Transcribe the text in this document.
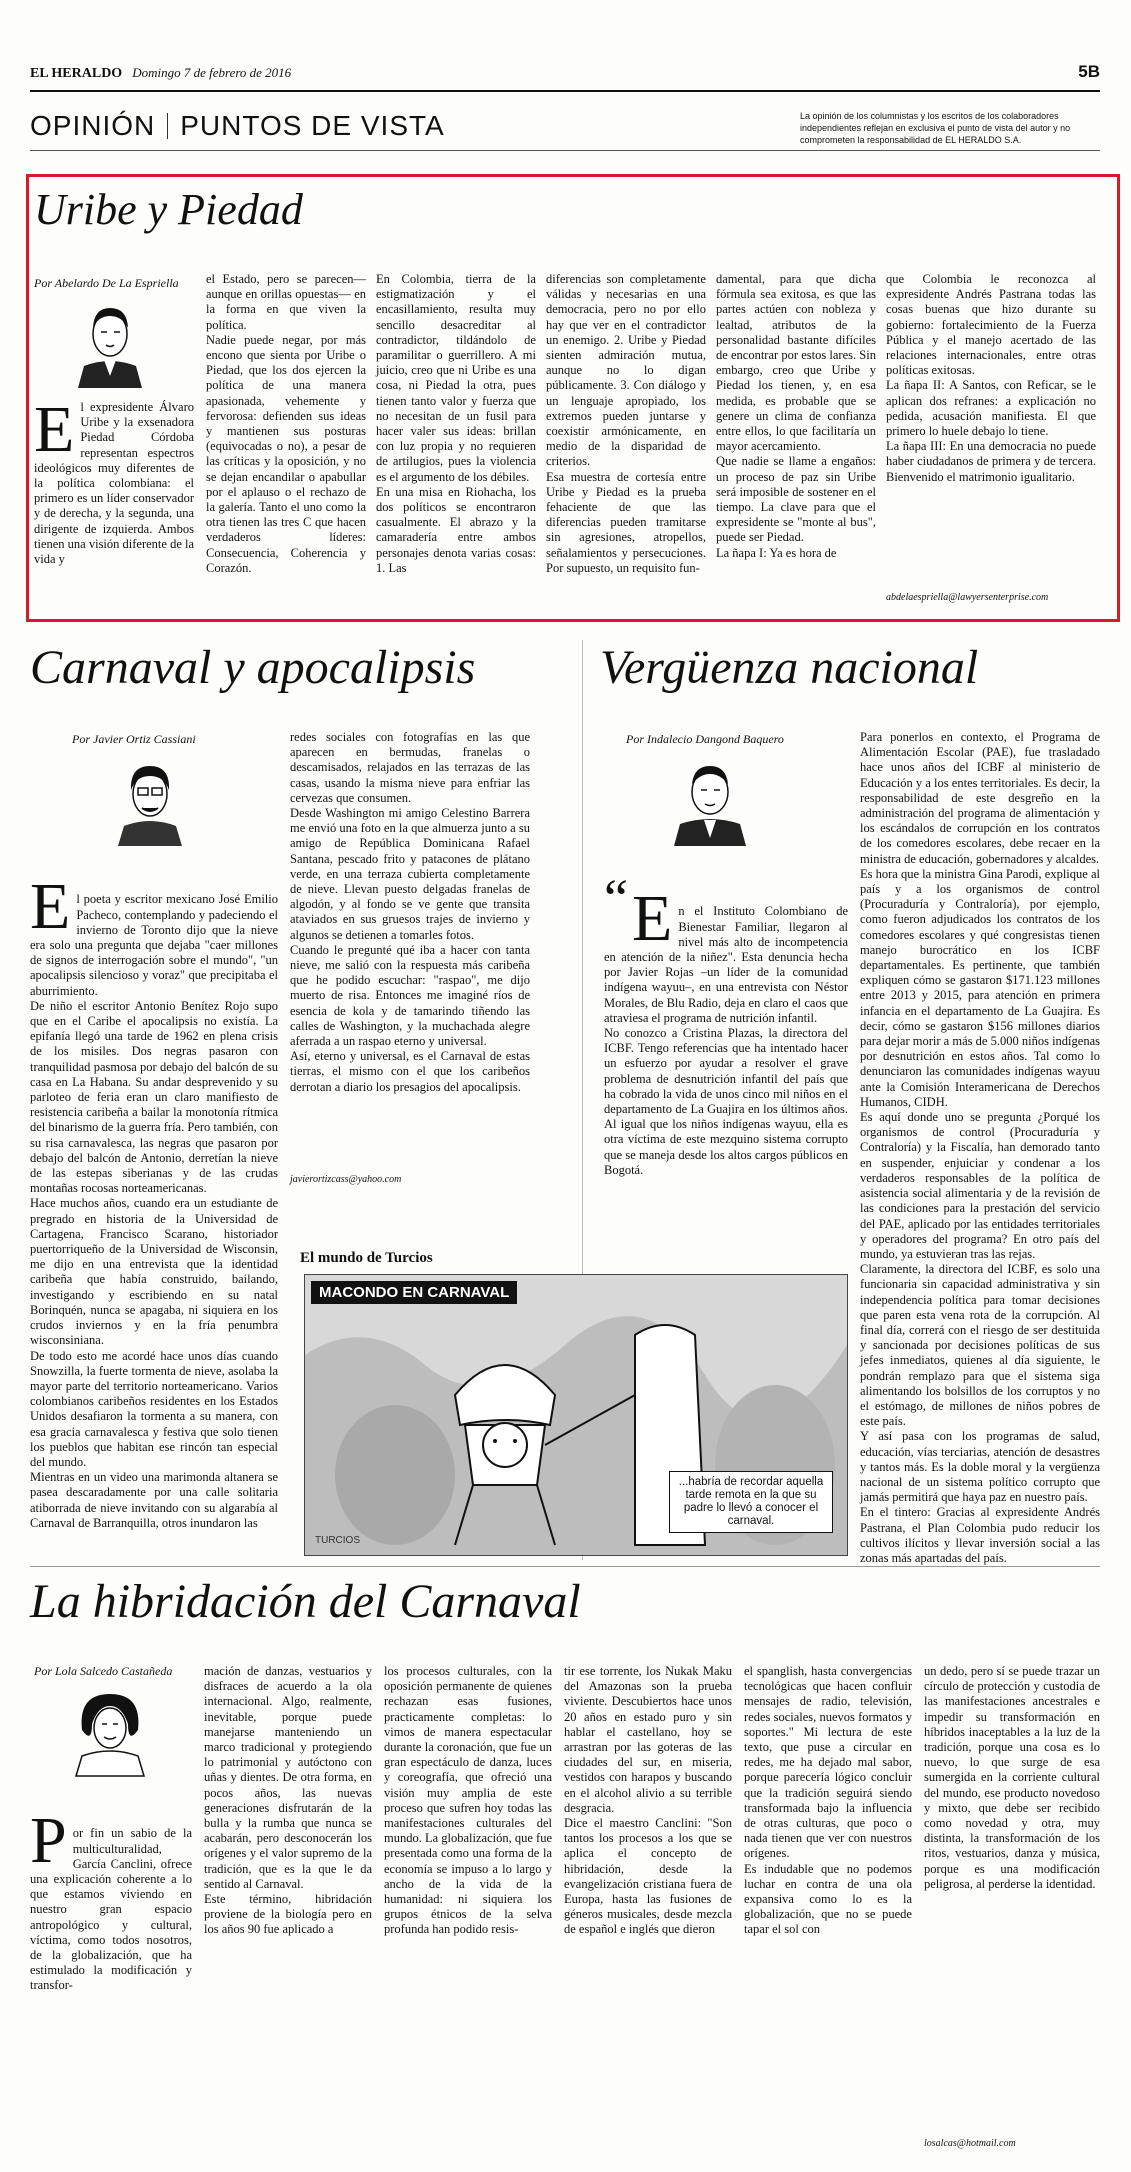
EL HERALDO Domingo 7 de febrero de 2016	5B
OPINIÓN PUNTOS DE VISTA	La opinión de los columnistas y los escritos de los colaboradores independientes reflejan en exclusiva el punto de vista del autor y no comprometen la responsabilidad de EL HERALDO S.A.
Uribe y Piedad
Por Abelardo De La Espriella
E l expresidente Álvaro Uribe y la exsenadora Piedad Córdoba representan espectros ideológicos muy diferentes de la política colombiana: el primero es un líder conservador y de derecha, y la segunda, una dirigente de izquierda. Ambos tienen una visión diferente de la vida y
el Estado, pero se parecen— aunque en orillas opuestas— en la forma en que viven la política.
Nadie puede negar, por más encono que sienta por Uribe o Piedad, que los dos ejercen la política de una manera apasionada, vehemente y fervorosa: defienden sus ideas y mantienen sus posturas (equivocadas o no), a pesar de las críticas y la oposición, y no se dejan encandilar o apabullar por el aplauso o el rechazo de la galería. Tanto el uno como la otra tienen las tres C que hacen verdaderos líderes: Consecuencia, Coherencia y Corazón.
En Colombia, tierra de la estigmatización y el encasillamiento, resulta muy sencillo desacreditar al contradictor, tildándolo de paramilitar o guerrillero. A mi juicio, creo que ni Uribe es una cosa, ni Piedad la otra, pues tienen tanto valor y fuerza que no necesitan de un fusil para hacer valer sus ideas: brillan con luz propia y no requieren de artilugios, pues la violencia es el argumento de los débiles.
En una misa en Riohacha, los dos políticos se encontraron casualmente. El abrazo y la camaradería entre ambos personajes denota varias cosas: 1. Las
diferencias son completamente válidas y necesarias en una democracia, pero no por ello hay que ver en el contradictor un enemigo. 2. Uribe y Piedad sienten admiración mutua, aunque no lo digan públicamente. 3. Con diálogo y un lenguaje apropiado, los extremos pueden juntarse y coexistir armónicamente, en medio de la disparidad de criterios.
Esa muestra de cortesía entre Uribe y Piedad es la prueba fehaciente de que las diferencias pueden tramitarse sin agresiones, atropellos, señalamientos y persecuciones. Por supuesto, un requisito fun-
damental, para que dicha fórmula sea exitosa, es que las partes actúen con nobleza y lealtad, atributos de la personalidad bastante difíciles de encontrar por estos lares. Sin embargo, creo que Uribe y Piedad los tienen, y, en esa medida, es probable que se genere un clima de confianza entre ellos, lo que facilitaría un mayor acercamiento.
Que nadie se llame a engaños: un proceso de paz sin Uribe será imposible de sostener en el tiempo. La clave para que el expresidente se "monte al bus", puede ser Piedad.
La ñapa I: Ya es hora de
que Colombia le reconozca al expresidente Andrés Pastrana todas las cosas buenas que hizo durante su gobierno: fortalecimiento de la Fuerza Pública y el manejo acertado de las relaciones internacionales, entre otras políticas exitosas.
La ñapa II: A Santos, con Reficar, se le aplican dos refranes: a explicación no pedida, acusación manifiesta. El que primero lo huele debajo lo tiene.
La ñapa III: En una democracia no puede haber ciudadanos de primera y de tercera. Bienvenido el matrimonio igualitario.
abdelaespriella@lawyersenterprise.com
Carnaval y apocalipsis
Por Javier Ortiz Cassiani

E l poeta y escritor mexicano José Emilio Pacheco, contemplando y padeciendo el invierno de Toronto dijo que la nieve era solo una pregunta que dejaba "caer millones de signos de interrogación sobre el mundo", "un apocalipsis silencioso y voraz" que precipitaba el aburrimiento.
De niño el escritor Antonio Benítez Rojo supo que en el Caribe el apocalipsis no existía. La epifanía llegó una tarde de 1962 en plena crisis de los misiles. Dos negras pasaron con tranquilidad pasmosa por debajo del balcón de su casa en La Habana. Su andar desprevenido y su parloteo de feria eran un claro manifiesto de resistencia caribeña a bailar la monotonía rítmica del binarismo de la guerra fría. Pero también, con su risa carnavalesca, las negras que pasaron por debajo del balcón de Antonio, derretían la nieve de las estepas siberianas y de las crudas montañas rocosas norteamericanas.
Hace muchos años, cuando era un estudiante de pregrado en historia de la Universidad de Cartagena, Francisco Scarano, historiador puertorriqueño de la Universidad de Wisconsin, me dijo en una entrevista que la identidad caribeña que había construido, bailando, investigando y escribiendo en su natal Borinquén, nunca se apagaba, ni siquiera en los crudos inviernos y en la fría penumbra wisconsiniana.
De todo esto me acordé hace unos días cuando Snowzilla, la fuerte tormenta de nieve, asolaba la mayor parte del territorio norteamericano. Varios colombianos caribeños residentes en los Estados Unidos desafiaron la tormenta a su manera, con esa gracia carnavalesca y festiva que solo tienen los pueblos que habitan ese rincón tan especial del mundo.
Mientras en un video una marimonda altanera se pasea descaradamente por una calle solitaria atiborrada de nieve invitando con su algarabía al Carnaval de Barranquilla, otros inundaron las

redes sociales con fotografías en las que aparecen en bermudas, franelas o descamisados, relajados en las terrazas de las casas, usando la misma nieve para enfriar las cervezas que consumen.
Desde Washington mi amigo Celestino Barrera me envió una foto en la que almuerza junto a su amigo de República Dominicana Rafael Santana, pescado frito y patacones de plátano verde, en una terraza cubierta completamente de nieve. Llevan puesto delgadas franelas de algodón, y al fondo se ve gente que transita ataviados en sus gruesos trajes de invierno y algunos se detienen a tomarles fotos.
Cuando le pregunté qué iba a hacer con tanta nieve, me salió con la respuesta más caribeña que he podido escuchar: "raspao", me dijo muerto de risa. Entonces me imaginé ríos de esencia de kola y de tamarindo tiñendo las calles de Washington, y la muchachada alegre aferrada a un raspao eterno y universal.
Así, eterno y universal, es el Carnaval de estas tierras, el mismo con el que los caribeños derrotan a diario los presagios del apocalipsis.
javierortizcass@yahoo.com
Vergüenza nacional
Por Indalecio Dangond Baquero
“ E n el Instituto Colombiano de Bienestar Familiar, llegaron al nivel más alto de incompetencia en atención de la niñez". Esta denuncia hecha por Javier Rojas –un líder de la comunidad indígena wayuu–, en una entrevista con Néstor Morales, de Blu Radio, deja en claro el caos que atraviesa el programa de nutrición infantil.
No conozco a Cristina Plazas, la directora del ICBF. Tengo referencias que ha intentado hacer un esfuerzo por ayudar a resolver el grave problema de desnutrición infantil del país que ha cobrado la vida de unos cinco mil niños en el departamento de La Guajira en los últimos años. Al igual que los niños indígenas wayuu, ella es otra víctima de este mezquino sistema corrupto que se maneja desde los altos cargos públicos en Bogotá.

Para ponerlos en contexto, el Programa de Alimentación Escolar (PAE), fue trasladado hace unos años del ICBF al ministerio de Educación y a los entes territoriales. Es decir, la responsabilidad de este desgreño en la administración del programa de alimentación y los escándalos de corrupción en los contratos de los comedores escolares, debe recaer en la ministra de educación, gobernadores y alcaldes.
Es hora que la ministra Gina Parodi, explique al país y a los organismos de control (Procuraduría y Contraloría), por ejemplo, como fueron adjudicados los contratos de los comedores escolares y qué congresistas tienen manejo burocrático en los ICBF departamentales. Es pertinente, que también expliquen cómo se gastaron $171.123 millones entre 2013 y 2015, para atención en primera infancia en el departamento de La Guajira. Es decir, cómo se gastaron $156 millones diarios para dejar morir a más de 5.000 niños indígenas por desnutrición en estos años. Tal como lo denunciaron las comunidades indígenas wayuu ante la Comisión Interamericana de Derechos Humanos, CIDH.
Es aquí donde uno se pregunta ¿Porqué los organismos de control (Procuraduría y Contraloría) y la Fiscalía, han demorado tanto en suspender, enjuiciar y condenar a los verdaderos responsables de la política de asistencia social alimentaria y de la revisión de las condiciones para la prestación del servicio del PAE, aplicado por las entidades territoriales y operadores del programa? En otro país del mundo, ya estuvieran tras las rejas.
Claramente, la directora del ICBF, es solo una funcionaria sin capacidad administrativa y sin independencia política para tomar decisiones que paren esta vena rota de la corrupción. Al final día, correrá con el riesgo de ser destituida y sancionada por decisiones políticas de sus jefes inmediatos, quienes al día siguiente, le pondrán remplazo para que el sistema siga alimentando los bolsillos de los corruptos y no el estómago, de millones de niños pobres de este país.
Y así pasa con los programas de salud, educación, vías terciarias, atención de desastres y tantos más. Es la doble moral y la vergüenza nacional de un sistema político corrupto que jamás permitirá que haya paz en nuestro país.
En el tintero: Gracias al expresidente Andrés Pastrana, el Plan Colombia pudo reducir los cultivos ilícitos y llevar inversión social a las zonas más apartadas del país.
El mundo de Turcios
TURCIOS
MACONDO EN CARNAVAL
...habría de recordar aquella tarde remota en la que su padre lo llevó a conocer el carnaval.
La hibridación del Carnaval
Por Lola Salcedo Castañeda

P or fin un sabio de la multiculturalidad, García Canclini, ofrece una explicación coherente a lo que estamos viviendo en nuestro gran espacio antropológico y cultural, víctima, como todos nosotros, de la globalización, que ha estimulado la modificación y transfor-

mación de danzas, vestuarios y disfraces de acuerdo a la ola internacional. Algo, realmente, inevitable, porque puede manejarse manteniendo un marco tradicional y protegiendo lo patrimonial y autóctono con uñas y dientes. De otra forma, en pocos años, las nuevas generaciones disfrutarán de la bulla y la rumba que nunca se acabarán, pero desconocerán los orígenes y el valor supremo de la tradición, que es la que le da sentido al Carnaval.
Este término, hibridación proviene de la biología pero en los años 90 fue aplicado a
los procesos culturales, con la oposición permanente de quienes rechazan esas fusiones, practicamente completas: lo vimos de manera espectacular durante la coronación, que fue un gran espectáculo de danza, luces y coreografía, que ofreció una visión muy amplia de este proceso que sufren hoy todas las manifestaciones culturales del mundo. La globalización, que fue presentada como una forma de la economía se impuso a lo largo y ancho de la vida de la humanidad: ni siquiera los grupos étnicos de la selva profunda han podido resis-
tir ese torrente, los Nukak Maku del Amazonas son la prueba viviente. Descubiertos hace unos 20 años en estado puro y sin hablar el castellano, hoy se arrastran por las goteras de las ciudades del sur, en miseria, vestidos con harapos y buscando en el alcohol alivio a su terrible desgracia.
Dice el maestro Canclini: "Son tantos los procesos a los que se aplica el concepto de hibridación, desde la evangelización cristiana fuera de Europa, hasta las fusiones de géneros musicales, desde mezcla de español e inglés que dieron
el spanglish, hasta convergencias tecnológicas que hacen confluir mensajes de radio, televisión, redes sociales, nuevos formatos y soportes." Mi lectura de este texto, que puse a circular en redes, me ha dejado mal sabor, porque parecería lógico concluir que la tradición seguirá siendo transformada bajo la influencia de otras culturas, que poco o nada tienen que ver con nuestros orígenes.
Es indudable que no podemos luchar en contra de una ola expansiva como lo es la globalización, que no se puede tapar el sol con
un dedo, pero sí se puede trazar un círculo de protección y custodia de las manifestaciones ancestrales e impedir su transformación en híbridos inaceptables a la luz de la tradición, porque una cosa es lo nuevo, lo que surge de esa sumergida en la corriente cultural del mundo, ese producto novedoso y mixto, que debe ser recibido como novedad y otra, muy distinta, la transformación de los ritos, vestuarios, danza y música, porque es una modificación peligrosa, al perderse la identidad.
losalcas@hotmail.com
